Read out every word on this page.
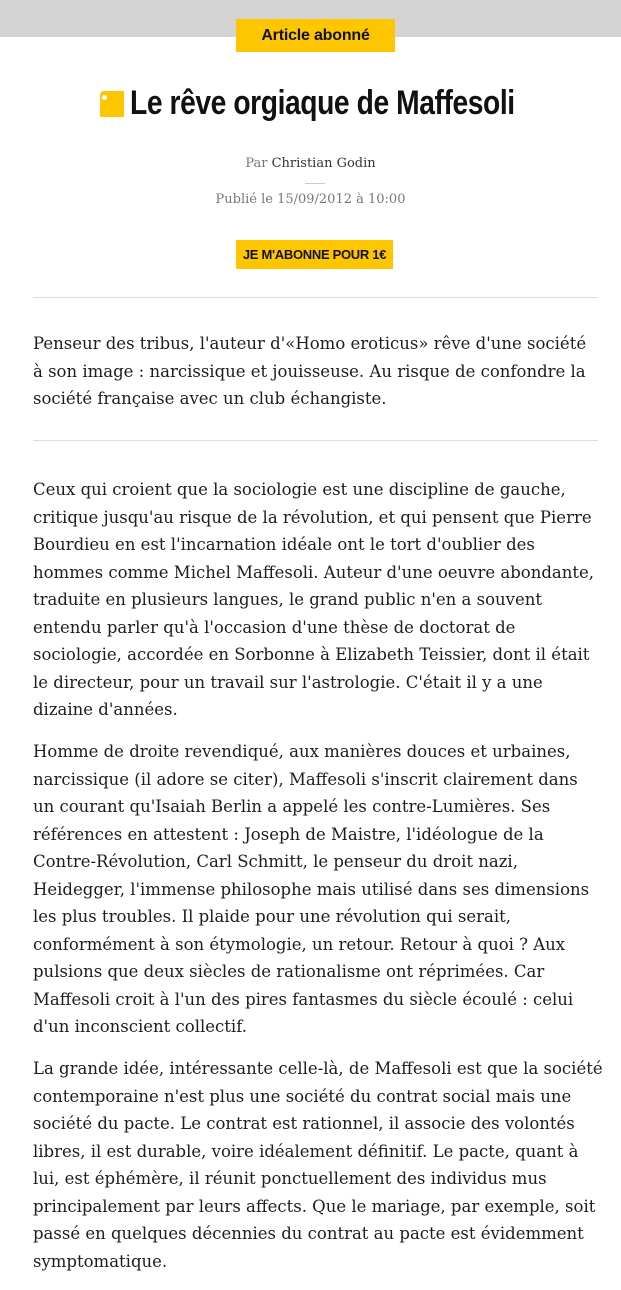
Article abonné
Le rêve orgiaque de Maffesoli
Par Christian Godin
Publié le 15/09/2012 à 10:00
JE M'ABONNE POUR 1€

Penseur des tribus, l'auteur d'«Homo eroticus» rêve d'une société à son image : narcissique et jouisseuse. Au risque de confondre la société française avec un club échangiste.

Ceux qui croient que la sociologie est une discipline de gauche, critique jusqu'au risque de la révolution, et qui pensent que Pierre Bourdieu en est l'incarnation idéale ont le tort d'oublier des hommes comme Michel Maffesoli. Auteur d'une oeuvre abondante, traduite en plusieurs langues, le grand public n'en a souvent entendu parler qu'à l'occasion d'une thèse de doctorat de sociologie, accordée en Sorbonne à Elizabeth Teissier, dont il était le directeur, pour un travail sur l'astrologie. C'était il y a une dizaine d'années.

Homme de droite revendiqué, aux manières douces et urbaines, narcissique (il adore se citer), Maffesoli s'inscrit clairement dans un courant qu'Isaiah Berlin a appelé les contre-Lumières. Ses références en attestent : Joseph de Maistre, l'idéologue de la Contre-Révolution, Carl Schmitt, le penseur du droit nazi, Heidegger, l'immense philosophe mais utilisé dans ses dimensions les plus troubles. Il plaide pour une révolution qui serait, conformément à son étymologie, un retour. Retour à quoi ? Aux pulsions que deux siècles de rationalisme ont réprimées. Car Maffesoli croit à l'un des pires fantasmes du siècle écoulé : celui d'un inconscient collectif.

La grande idée, intéressante celle-là, de Maffesoli est que la société contemporaine n'est plus une société du contrat social mais une société du pacte. Le contrat est rationnel, il associe des volontés libres, il est durable, voire idéalement définitif. Le pacte, quant à lui, est éphémère, il réunit ponctuellement des individus mus principalement par leurs affects. Que le mariage, par exemple, soit passé en quelques décennies du contrat au pacte est évidemment symptomatique.
